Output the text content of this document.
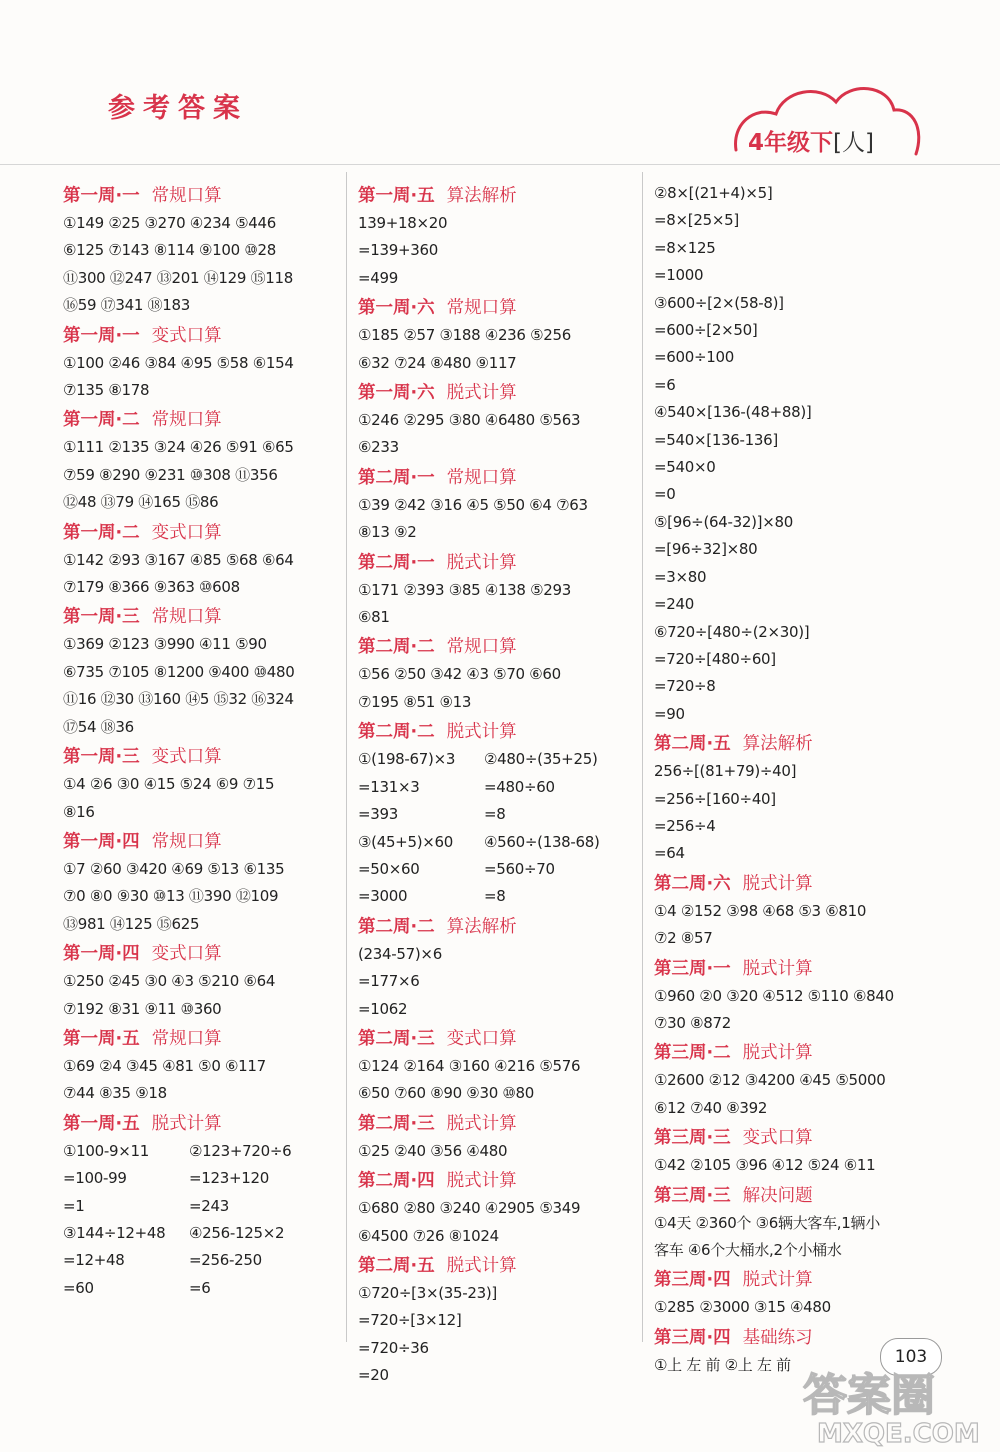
参考答案
4年级下[人]
第一周·一 常规口算
①149 ②25 ③270 ④234 ⑤446
⑥125 ⑦143 ⑧114 ⑨100 ⑩28
⑪300 ⑫247 ⑬201 ⑭129 ⑮118
⑯59 ⑰341 ⑱183
第一周·一 变式口算
①100 ②46 ③84 ④95 ⑤58 ⑥154
⑦135 ⑧178
第一周·二 常规口算
①111 ②135 ③24 ④26 ⑤91 ⑥65
⑦59 ⑧290 ⑨231 ⑩308 ⑪356
⑫48 ⑬79 ⑭165 ⑮86
第一周·二 变式口算
①142 ②93 ③167 ④85 ⑤68 ⑥64
⑦179 ⑧366 ⑨363 ⑩608
第一周·三 常规口算
①369 ②123 ③990 ④11 ⑤90
⑥735 ⑦105 ⑧1200 ⑨400 ⑩480
⑪16 ⑫30 ⑬160 ⑭5 ⑮32 ⑯324
⑰54 ⑱36
第一周·三 变式口算
①4 ②6 ③0 ④15 ⑤24 ⑥9 ⑦15
⑧16
第一周·四 常规口算
①7 ②60 ③420 ④69 ⑤13 ⑥135
⑦0 ⑧0 ⑨30 ⑩13 ⑪390 ⑫109
⑬981 ⑭125 ⑮625
第一周·四 变式口算
①250 ②45 ③0 ④3 ⑤210 ⑥64
⑦192 ⑧31 ⑨11 ⑩360
第一周·五 常规口算
①69 ②4 ③45 ④81 ⑤0 ⑥117
⑦44 ⑧35 ⑨18
第一周·五 脱式计算
①100-9×11	②123+720÷6
=100-99	=123+120
=1	=243
③144÷12+48	④256-125×2
=12+48	=256-250
=60	=6
第一周·五 算法解析
139+18×20
=139+360
=499
第一周·六 常规口算
①185 ②57 ③188 ④236 ⑤256
⑥32 ⑦24 ⑧480 ⑨117
第一周·六 脱式计算
①246 ②295 ③80 ④6480 ⑤563
⑥233
第二周·一 常规口算
①39 ②42 ③16 ④5 ⑤50 ⑥4 ⑦63
⑧13 ⑨2
第二周·一 脱式计算
①171 ②393 ③85 ④138 ⑤293
⑥81
第二周·二 常规口算
①56 ②50 ③42 ④3 ⑤70 ⑥60
⑦195 ⑧51 ⑨13
第二周·二 脱式计算
①(198-67)×3	②480÷(35+25)
=131×3	=480÷60
=393	=8
③(45+5)×60	④560÷(138-68)
=50×60	=560÷70
=3000	=8
第二周·二 算法解析
(234-57)×6
=177×6
=1062
第二周·三 变式口算
①124 ②164 ③160 ④216 ⑤576
⑥50 ⑦60 ⑧90 ⑨30 ⑩80
第二周·三 脱式计算
①25 ②40 ③56 ④480
第二周·四 脱式计算
①680 ②80 ③240 ④2905 ⑤349
⑥4500 ⑦26 ⑧1024
第二周·五 脱式计算
①720÷[3×(35-23)]
=720÷[3×12]
=720÷36
=20
②8×[(21+4)×5]
=8×[25×5]
=8×125
=1000
③600÷[2×(58-8)]
=600÷[2×50]
=600÷100
=6
④540×[136-(48+88)]
=540×[136-136]
=540×0
=0
⑤[96÷(64-32)]×80
=[96÷32]×80
=3×80
=240
⑥720÷[480÷(2×30)]
=720÷[480÷60]
=720÷8
=90
第二周·五 算法解析
256÷[(81+79)÷40]
=256÷[160÷40]
=256÷4
=64
第二周·六 脱式计算
①4 ②152 ③98 ④68 ⑤3 ⑥810
⑦2 ⑧57
第三周·一 脱式计算
①960 ②0 ③20 ④512 ⑤110 ⑥840
⑦30 ⑧872
第三周·二 脱式计算
①2600 ②12 ③4200 ④45 ⑤5000
⑥12 ⑦40 ⑧392
第三周·三 变式口算
①42 ②105 ③96 ④12 ⑤24 ⑥11
第三周·三 解决问题
①4天 ②360个 ③6辆大客车,1辆小
客车 ④6个大桶水,2个小桶水
第三周·四 脱式计算
①285 ②3000 ③15 ④480
第三周·四 基础练习
①上 左 前 ②上 左 前	103
答案圈
MXQE.COM
